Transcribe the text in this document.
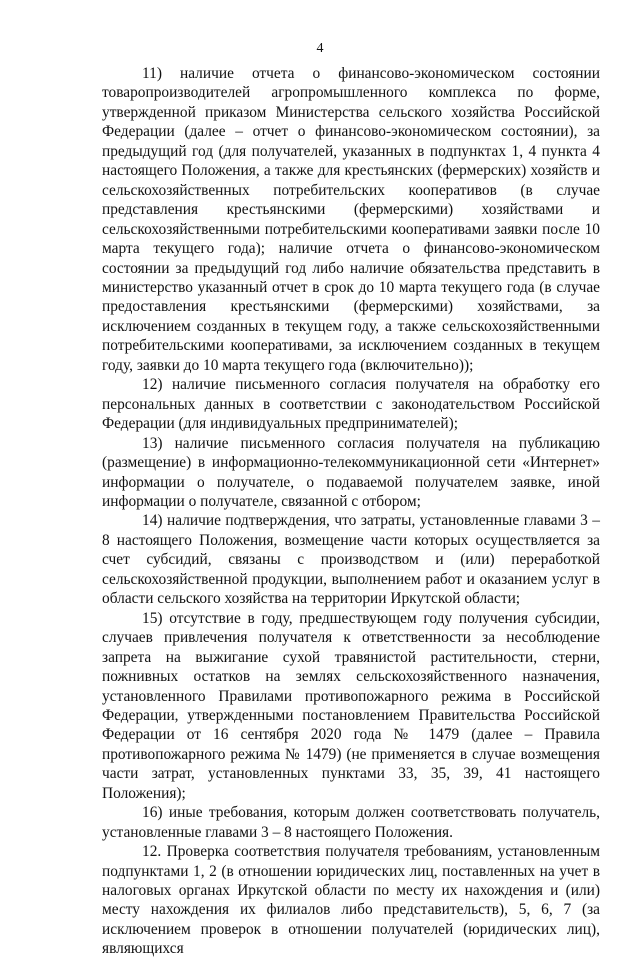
4

11) наличие отчета о финансово-экономическом состоянии товаропроизводителей агропромышленного комплекса по форме, утвержденной приказом Министерства сельского хозяйства Российской Федерации (далее – отчет о финансово-экономическом состоянии), за предыдущий год (для получателей, указанных в подпунктах 1, 4 пункта 4 настоящего Положения, а также для крестьянских (фермерских) хозяйств и сельскохозяйственных потребительских кооперативов (в случае представления крестьянскими (фермерскими) хозяйствами и сельскохозяйственными потребительскими кооперативами заявки после 10 марта текущего года); наличие отчета о финансово-экономическом состоянии за предыдущий год либо наличие обязательства представить в министерство указанный отчет в срок до 10 марта текущего года (в случае предоставления крестьянскими (фермерскими) хозяйствами, за исключением созданных в текущем году, а также сельскохозяйственными потребительскими кооперативами, за исключением созданных в текущем году, заявки до 10 марта текущего года (включительно));

12) наличие письменного согласия получателя на обработку его персональных данных в соответствии с законодательством Российской Федерации (для индивидуальных предпринимателей);

13) наличие письменного согласия получателя на публикацию (размещение) в информационно-телекоммуникационной сети «Интернет» информации о получателе, о подаваемой получателем заявке, иной информации о получателе, связанной с отбором;

14) наличие подтверждения, что затраты, установленные главами 3 – 8 настоящего Положения, возмещение части которых осуществляется за счет субсидий, связаны с производством и (или) переработкой сельскохозяйственной продукции, выполнением работ и оказанием услуг в области сельского хозяйства на территории Иркутской области;

15) отсутствие в году, предшествующем году получения субсидии, случаев привлечения получателя к ответственности за несоблюдение запрета на выжигание сухой травянистой растительности, стерни, пожнивных остатков на землях сельскохозяйственного назначения, установленного Правилами противопожарного режима в Российской Федерации, утвержденными постановлением Правительства Российской Федерации от 16 сентября 2020 года № 1479 (далее – Правила противопожарного режима № 1479) (не применяется в случае возмещения части затрат, установленных пунктами 33, 35, 39, 41 настоящего Положения);

16) иные требования, которым должен соответствовать получатель, установленные главами 3 – 8 настоящего Положения.

12. Проверка соответствия получателя требованиям, установленным подпунктами 1, 2 (в отношении юридических лиц, поставленных на учет в налоговых органах Иркутской области по месту их нахождения и (или) месту нахождения их филиалов либо представительств), 5, 6, 7 (за исключением проверок в отношении получателей (юридических лиц), являющихся
